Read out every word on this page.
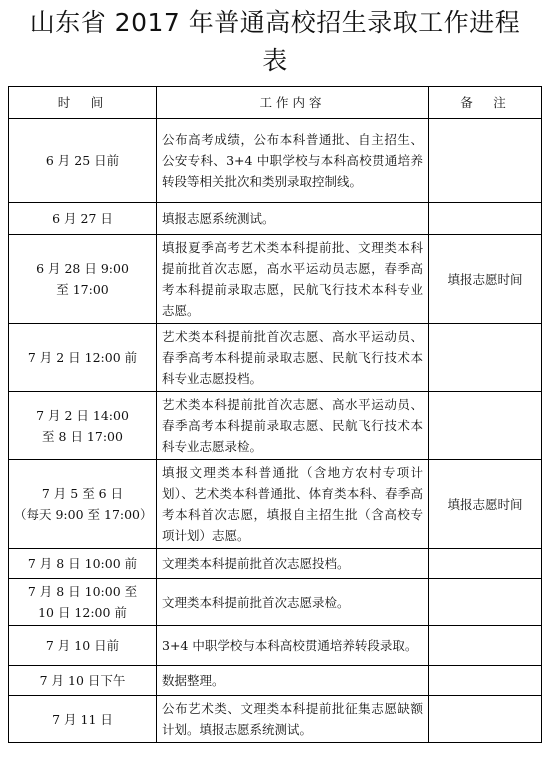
山东省 2017 年普通高校招生录取工作进程
表
时　间	工作内容	备　注

6 月 25 日前	公布高考成绩，公布本科普通批、自主招生、公安专科、3+4 中职学校与本科高校贯通培养转段等相关批次和类别录取控制线。	

6 月 27 日	填报志愿系统测试。	

6 月 28 日 9:00
至 17:00	填报夏季高考艺术类本科提前批、文理类本科提前批首次志愿，高水平运动员志愿，春季高考本科提前录取志愿，民航飞行技术本科专业志愿。	填报志愿时间

7 月 2 日 12:00 前	艺术类本科提前批首次志愿、高水平运动员、春季高考本科提前录取志愿、民航飞行技术本科专业志愿投档。	

7 月 2 日 14:00
至 8 日 17:00	艺术类本科提前批首次志愿、高水平运动员、春季高考本科提前录取志愿、民航飞行技术本科专业志愿录检。	

7 月 5 至 6 日
（每天 9:00 至 17:00）	填报文理类本科普通批（含地方农村专项计划）、艺术类本科普通批、体育类本科、春季高考本科首次志愿，填报自主招生批（含高校专项计划）志愿。	填报志愿时间

7 月 8 日 10:00 前	文理类本科提前批首次志愿投档。	

7 月 8 日 10:00 至
10 日 12:00 前	文理类本科提前批首次志愿录检。	

7 月 10 日前	3+4 中职学校与本科高校贯通培养转段录取。	

7 月 10 日下午	数据整理。	

7 月 11 日	公布艺术类、文理类本科提前批征集志愿缺额计划。填报志愿系统测试。	
